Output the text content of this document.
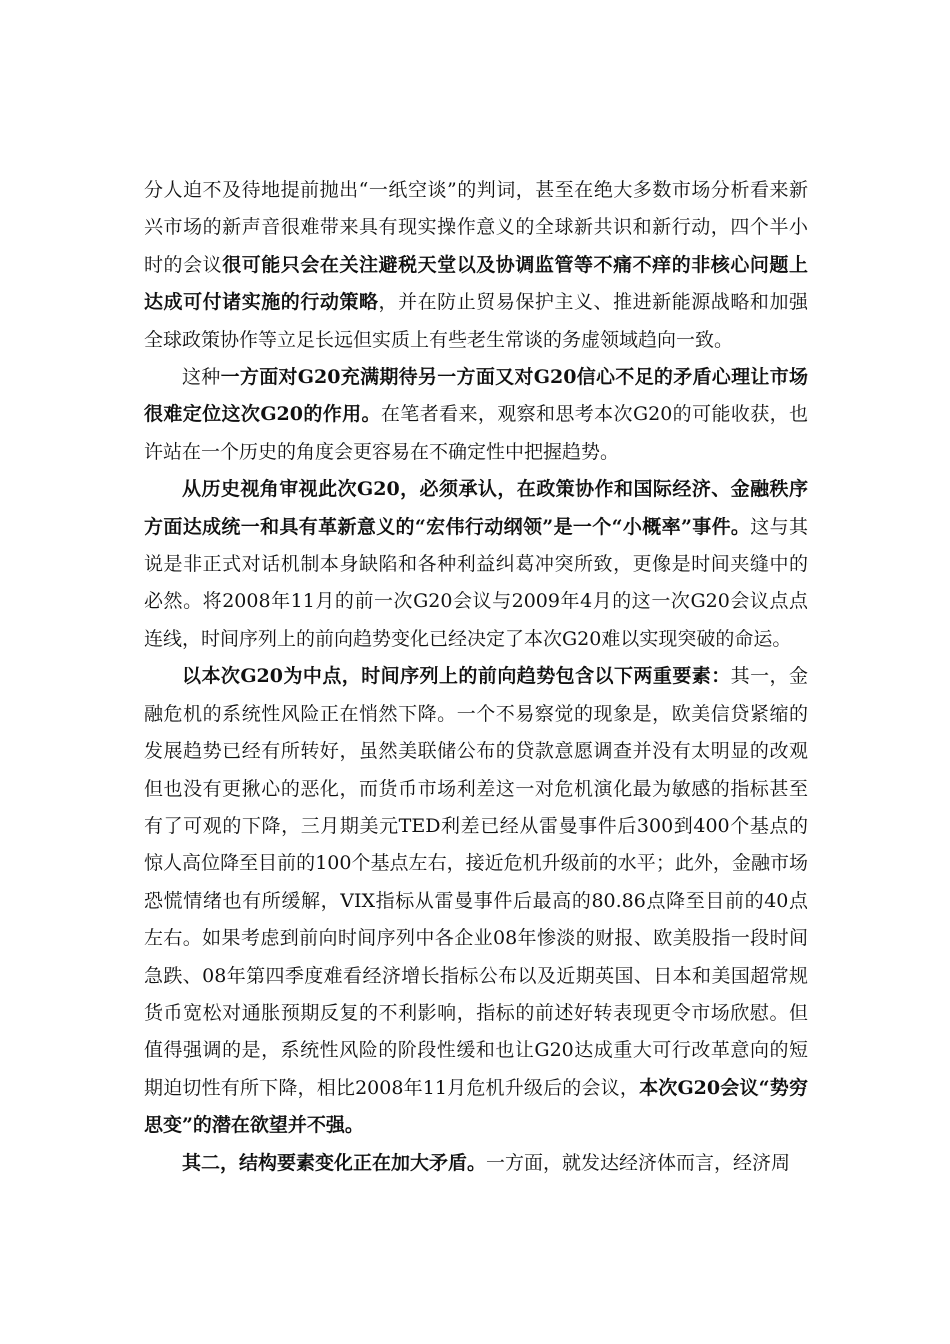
分人迫不及待地提前抛出“一纸空谈”的判词，甚至在绝大多数市场分析看来新兴市场的新声音很难带来具有现实操作意义的全球新共识和新行动，四个半小时的会议很可能只会在关注避税天堂以及协调监管等不痛不痒的非核心问题上达成可付诸实施的行动策略，并在防止贸易保护主义、推进新能源战略和加强全球政策协作等立足长远但实质上有些老生常谈的务虚领域趋向一致。

这种一方面对G20充满期待另一方面又对G20信心不足的矛盾心理让市场很难定位这次G20的作用。在笔者看来，观察和思考本次G20的可能收获，也许站在一个历史的角度会更容易在不确定性中把握趋势。

从历史视角审视此次G20，必须承认，在政策协作和国际经济、金融秩序方面达成统一和具有革新意义的“宏伟行动纲领”是一个“小概率”事件。这与其说是非正式对话机制本身缺陷和各种利益纠葛冲突所致，更像是时间夹缝中的必然。将2008年11月的前一次G20会议与2009年4月的这一次G20会议点点连线，时间序列上的前向趋势变化已经决定了本次G20难以实现突破的命运。

以本次G20为中点，时间序列上的前向趋势包含以下两重要素：其一，金融危机的系统性风险正在悄然下降。一个不易察觉的现象是，欧美信贷紧缩的发展趋势已经有所转好，虽然美联储公布的贷款意愿调查并没有太明显的改观但也没有更揪心的恶化，而货币市场利差这一对危机演化最为敏感的指标甚至有了可观的下降，三月期美元TED利差已经从雷曼事件后300到400个基点的惊人高位降至目前的100个基点左右，接近危机升级前的水平；此外，金融市场恐慌情绪也有所缓解，VIX指标从雷曼事件后最高的80.86点降至目前的40点左右。如果考虑到前向时间序列中各企业08年惨淡的财报、欧美股指一段时间急跌、08年第四季度难看经济增长指标公布以及近期英国、日本和美国超常规货币宽松对通胀预期反复的不利影响，指标的前述好转表现更令市场欣慰。但值得强调的是，系统性风险的阶段性缓和也让G20达成重大可行改革意向的短期迫切性有所下降，相比2008年11月危机升级后的会议，本次G20会议“势穷思变”的潜在欲望并不强。

其二，结构要素变化正在加大矛盾。一方面，就发达经济体而言，经济周
